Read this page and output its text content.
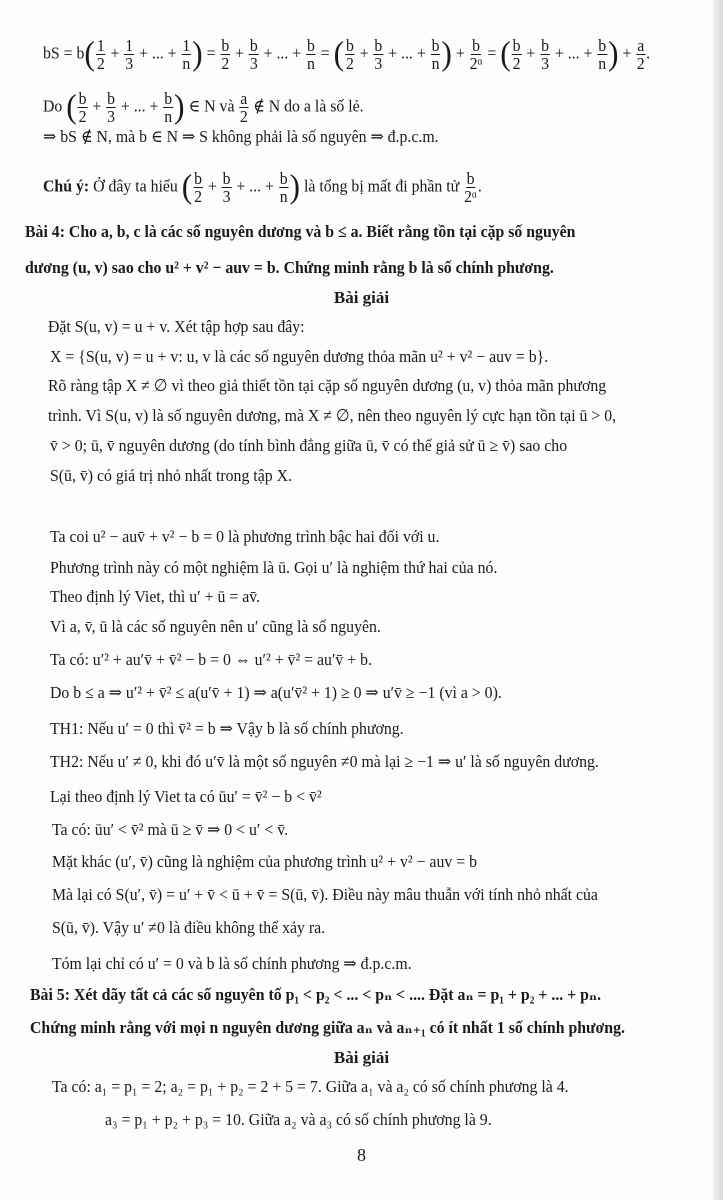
bS = $b( \frac{1}{2} + \frac{1}{3}$ + ... + $\frac{1}{n}$ ) = $\frac{b}{2} + \frac{b}{3}$ + ... + $\frac{b}{n}$ = ( $\frac{b}{2} + \frac{b}{3}$ + ... + $\frac{b}{n}$ ) + $\frac{b}{\text{2ᵅ}}$ = ( $\frac{b}{2} + \frac{b}{3}$ + ... + $\frac{b}{n}$ ) + $\frac{a}{2}$ .
Do ( $\frac{b}{2} + \frac{b}{3}$ + ... + $\frac{b}{n}$ ) ∈ N và $\frac{a}{2}$ ∉ N do a là số lẻ.
⇒ bS ∉ N, mà b ∈ N ⇒ S không phải là số nguyên ⇒ đ.p.c.m.
Chú ý: Ở đây ta hiểu ( $\frac{b}{2} + \frac{b}{3}$ + ... + $\frac{b}{n}$ ) là tổng bị mất đi phần tử $\frac{b}{\text{2ᵅ}}$ .
Bài 4: Cho a, b, c là các số nguyên dương và b ≤ a. Biết rằng tồn tại cặp số nguyên
dương (u, v) sao cho u² + v² − auv = b. Chứng minh rằng b là số chính phương.
Bài giải
Đặt S(u, v) = u + v. Xét tập hợp sau đây:
X = {S(u, v) = u + v: u, v là các số nguyên dương thỏa mãn u² + v² − auv = b}.
Rõ ràng tập X ≠ ∅ vì theo giả thiết tồn tại cặp số nguyên dương (u, v) thỏa mãn phương
trình. Vì S(u, v) là số nguyên dương, mà X ≠ ∅, nên theo nguyên lý cực hạn tồn tại ū > 0,
v̄ > 0; ū, v̄ nguyên dương (do tính bình đẳng giữa ū, v̄ có thể giả sử ū ≥ v̄) sao cho
S(ū, v̄) có giá trị nhỏ nhất trong tập X.
Ta coi u² − auv̄ + v² − b = 0 là phương trình bậc hai đối với u.
Phương trình này có một nghiệm là ū. Gọi u′ là nghiệm thứ hai của nó.
Theo định lý Viet, thì u′ + ū = av̄.
Vì a, v̄, ū là các số nguyên nên u′ cũng là số nguyên.
Ta có: u′² + au′v̄ + v̄² − b = 0 ⇔ u′² + v̄² = au′v̄ + b.
Do b ≤ a ⇒ u′² + v̄² ≤ a(u′v̄ + 1) ⇒ a(u′v̄² + 1) ≥ 0 ⇒ u′v̄ ≥ −1 (vì a > 0).
TH1: Nếu u′ = 0 thì v̄² = b ⇒ Vậy b là số chính phương.
TH2: Nếu u′ ≠ 0, khi đó u′v̄ là một số nguyên ≠0 mà lại ≥ −1 ⇒ u′ là số nguyên dương.
Lại theo định lý Viet ta có ūu′ = v̄² − b < v̄²
Ta có: ūu′ < v̄² mà ū ≥ v̄ ⇒ 0 < u′ < v̄.
Mặt khác (u′, v̄) cũng là nghiệm của phương trình u² + v² − auv = b
Mà lại có S(u′, v̄) = u′ + v̄ < ū + v̄ = S(ū, v̄). Điều này mâu thuẫn với tính nhỏ nhất của
S(ū, v̄). Vậy u′ ≠0 là điều không thể xảy ra.
Tóm lại chỉ có u′ = 0 và b là số chính phương ⇒ đ.p.c.m.
Bài 5: Xét dãy tất cả các số nguyên tố p₁ < p₂ < ... < pₙ < .... Đặt aₙ = p₁ + p₂ + ... + pₙ.
Chứng minh rằng với mọi n nguyên dương giữa aₙ và aₙ₊₁ có ít nhất 1 số chính phương.
Bài giải
Ta có: a₁ = p₁ = 2; a₂ = p₁ + p₂ = 2 + 5 = 7. Giữa a₁ và a₂ có số chính phương là 4.
a₃ = p₁ + p₂ + p₃ = 10. Giữa a₂ và a₃ có số chính phương là 9.
8
